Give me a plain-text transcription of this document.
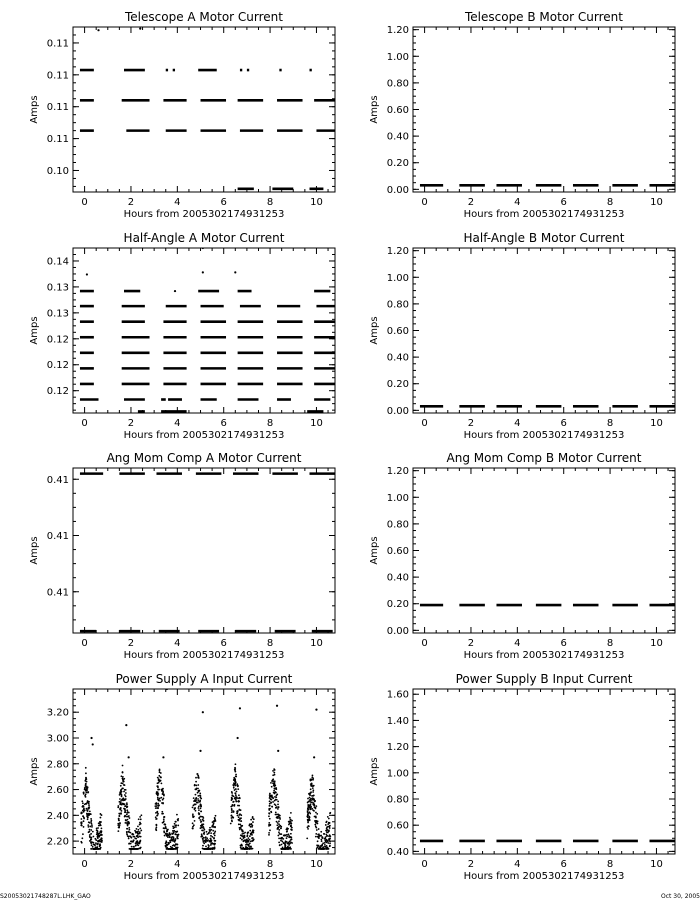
Telescope A Motor Current
0	2	4	6	8	10
0.10
0.11
0.11
0.11
0.11
Hours from 2005302174931253
Amps
Telescope B Motor Current
0	2	4	6	8	10
0.00
0.20
0.40
0.60
0.80
1.00
1.20
Hours from 2005302174931253
Amps
Half-Angle A Motor Current
0	2	4	6	8	10
0.12
0.12
0.12
0.13
0.13
0.14
Hours from 2005302174931253
Amps
Half-Angle B Motor Current
0	2	4	6	8	10
0.00
0.20
0.40
0.60
0.80
1.00
1.20
Hours from 2005302174931253
Amps
Ang Mom Comp A Motor Current
0	2	4	6	8	10
0.41
0.41
0.41
Hours from 2005302174931253
Amps
Ang Mom Comp B Motor Current
0	2	4	6	8	10
0.00
0.20
0.40
0.60
0.80
1.00
1.20
Hours from 2005302174931253
Amps
Power Supply A Input Current
0	2	4	6	8	10
2.20
2.40
2.60
2.80
3.00
3.20
Hours from 2005302174931253
Amps
Power Supply B Input Current
0	2	4	6	8	10
0.40
0.60
0.80
1.00
1.20
1.40
1.60
Hours from 2005302174931253
Amps
S20053021748287L.LHK_GAO	Oct 30, 2005
